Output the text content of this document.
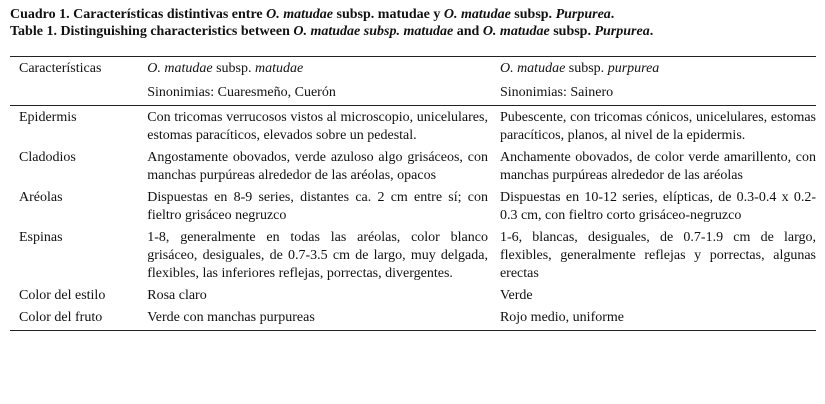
Cuadro 1. Características distintivas entre O. matudae subsp. matudae y O. matudae subsp. Purpurea.
Table 1. Distinguishing characteristics between O. matudae subsp. matudae and O. matudae subsp. Purpurea.
Características	O. matudae subsp. matudae	O. matudae subsp. purpurea
	Sinonimias: Cuaresmeño, Cuerón	Sinonimias: Sainero
Epidermis	Con tricomas verrucosos vistos al microscopio, unicelulares, estomas paracíticos, elevados sobre un pedestal.	Pubescente, con tricomas cónicos, unicelulares, estomas paracíticos, planos, al nivel de la epidermis.
Cladodios	Angostamente obovados, verde azuloso algo grisáceos, con manchas purpúreas alrededor de las aréolas, opacos	Anchamente obovados, de color verde amarillento, con manchas purpúreas alrededor de las aréolas
Aréolas	Dispuestas en 8-9 series, distantes ca. 2 cm entre sí; con fieltro grisáceo negruzco	Dispuestas en 10-12 series, elípticas, de 0.3-0.4 x 0.2-0.3 cm, con fieltro corto grisáceo-negruzco
Espinas	1-8, generalmente en todas las aréolas, color blanco grisáceo, desiguales, de 0.7-3.5 cm de largo, muy delgada, flexibles, las inferiores reflejas, porrectas, divergentes.	1-6, blancas, desiguales, de 0.7-1.9 cm de largo, flexibles, generalmente reflejas y porrectas, algunas erectas
Color del estilo	Rosa claro	Verde
Color del fruto	Verde con manchas purpureas	Rojo medio, uniforme
